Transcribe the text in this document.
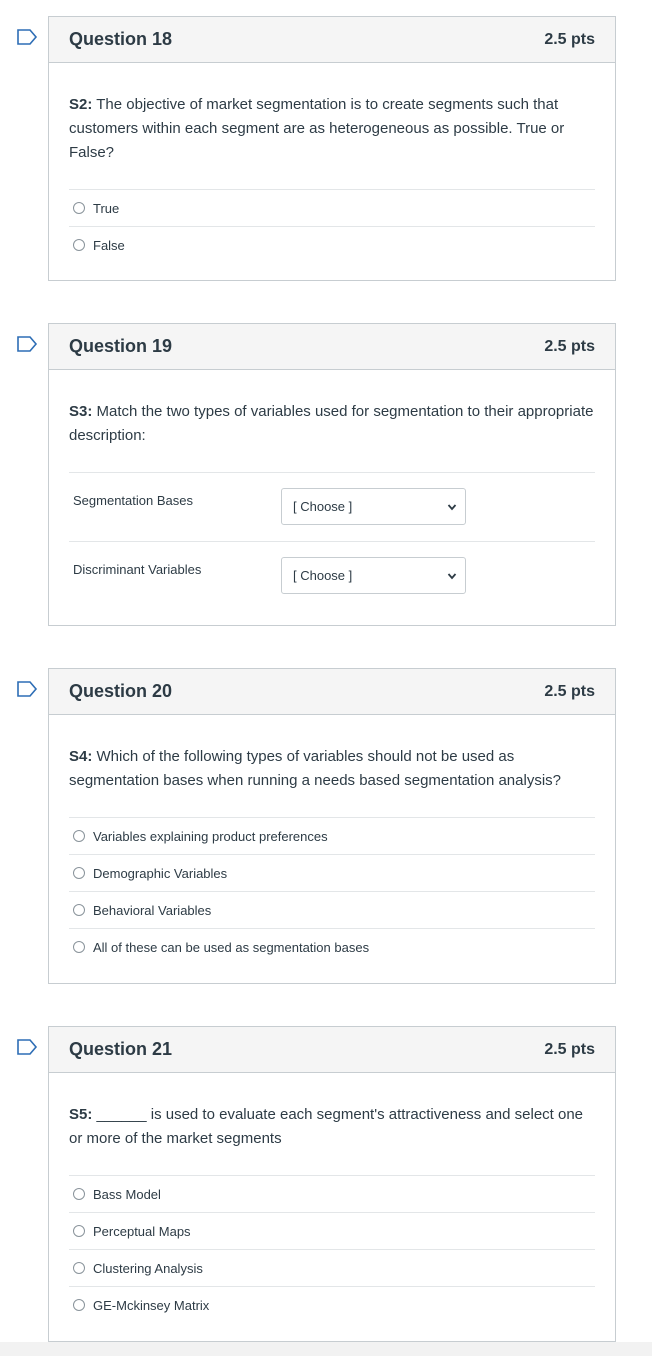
Question 18	2.5 pts
S2: The objective of market segmentation is to create segments such that customers within each segment are as heterogeneous as possible. True or False?
True
False
Question 19	2.5 pts
S3: Match the two types of variables used for segmentation to their appropriate description:
Segmentation Bases	[ Choose ]
Discriminant Variables	[ Choose ]
Question 20	2.5 pts
S4: Which of the following types of variables should not be used as segmentation bases when running a needs based segmentation analysis?
Variables explaining product preferences
Demographic Variables
Behavioral Variables
All of these can be used as segmentation bases
Question 21	2.5 pts
S5: ______ is used to evaluate each segment's attractiveness and select one or more of the market segments
Bass Model
Perceptual Maps
Clustering Analysis
GE-Mckinsey Matrix
